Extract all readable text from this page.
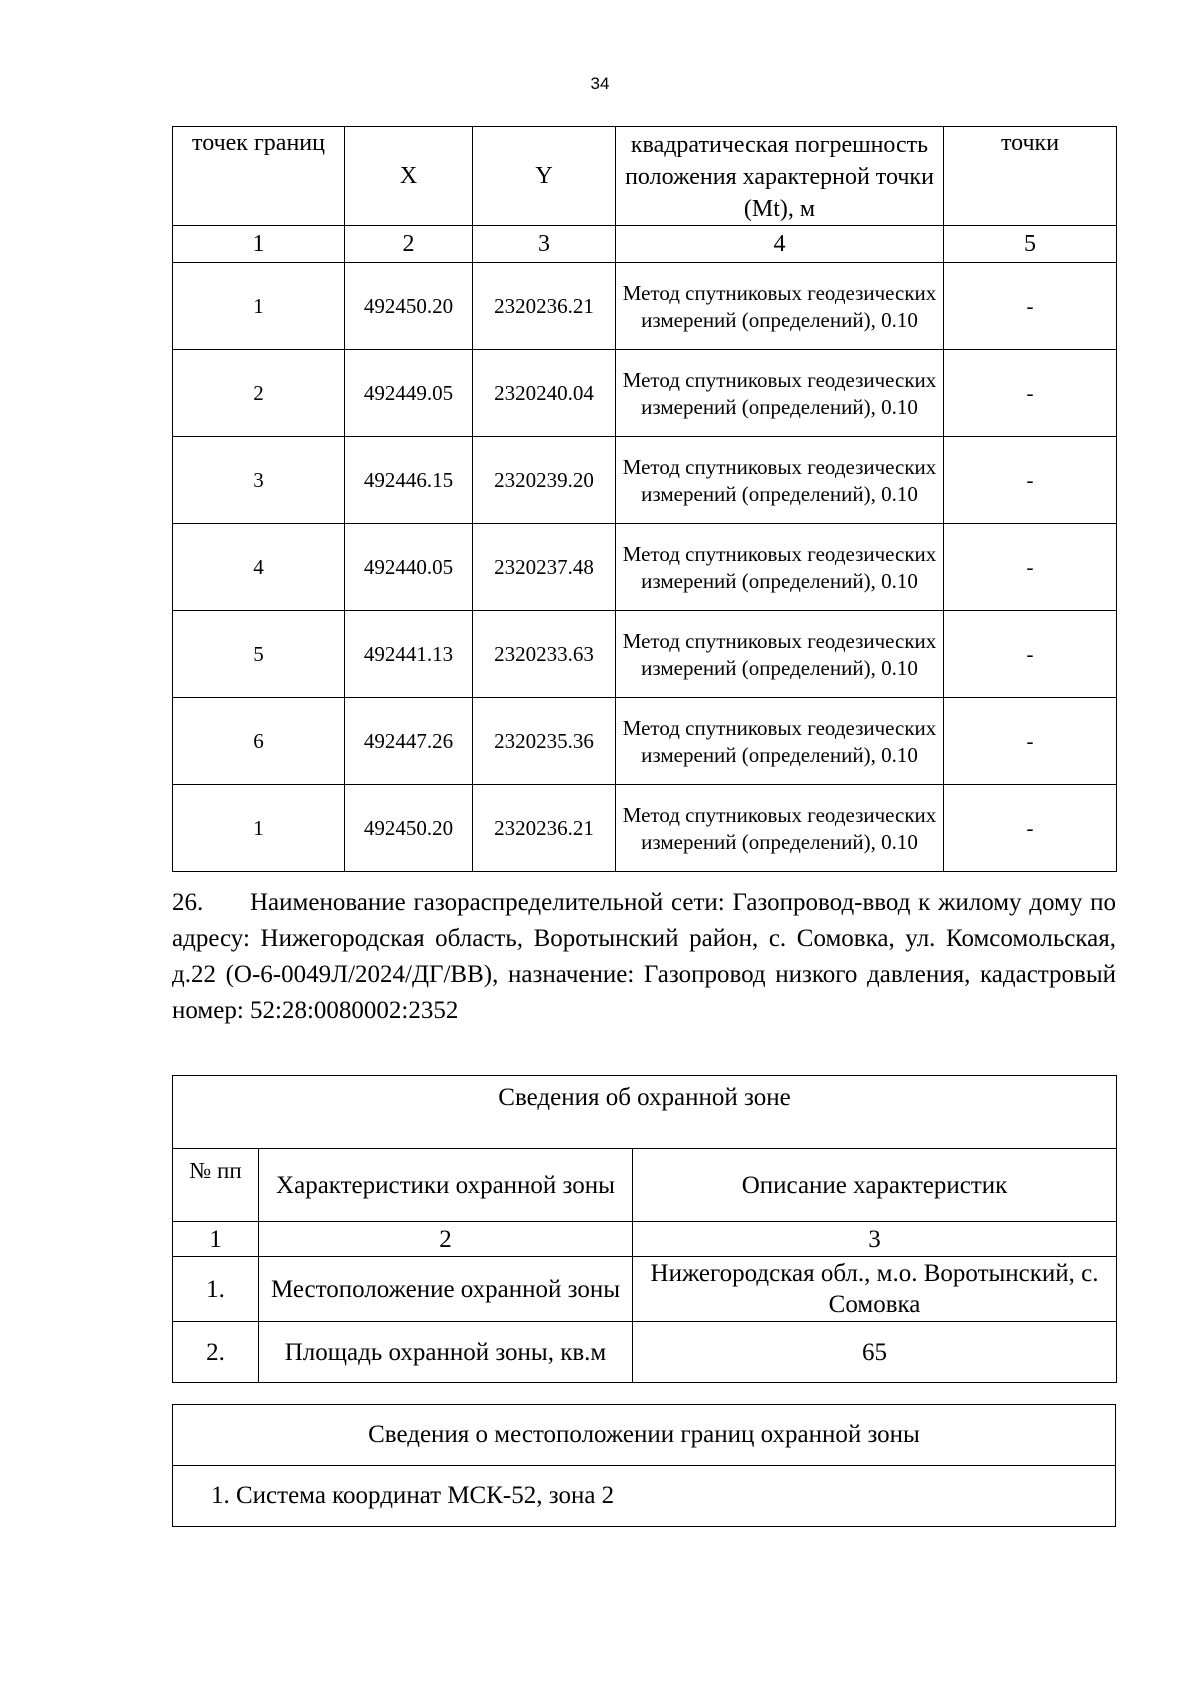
34
точек границ	X	Y	квадратическая погрешность положения характерной точки (Mt), м	точки
1	2	3	4	5
1	492450.20	2320236.21	Метод спутниковых геодезических измерений (определений), 0.10	-
2	492449.05	2320240.04	Метод спутниковых геодезических измерений (определений), 0.10	-
3	492446.15	2320239.20	Метод спутниковых геодезических измерений (определений), 0.10	-
4	492440.05	2320237.48	Метод спутниковых геодезических измерений (определений), 0.10	-
5	492441.13	2320233.63	Метод спутниковых геодезических измерений (определений), 0.10	-
6	492447.26	2320235.36	Метод спутниковых геодезических измерений (определений), 0.10	-
1	492450.20	2320236.21	Метод спутниковых геодезических измерений (определений), 0.10	-
26. Наименование газораспределительной сети: Газопровод-ввод к жилому дому по адресу: Нижегородская область, Воротынский район, с. Сомовка, ул. Комсомольская, д.22 (О-6-0049Л/2024/ДГ/ВВ), назначение: Газопровод низкого давления, кадастровый номер: 52:28:0080002:2352
Сведения об охранной зоне		
№ пп	Характеристики охранной зоны	Описание характеристик
1	2	3
1.	Местоположение охранной зоны	Нижегородская обл., м.о. Воротынский, с. Сомовка
2.	Площадь охранной зоны, кв.м	65
Сведения о местоположении границ охранной зоны
1. Система координат МСК-52, зона 2
